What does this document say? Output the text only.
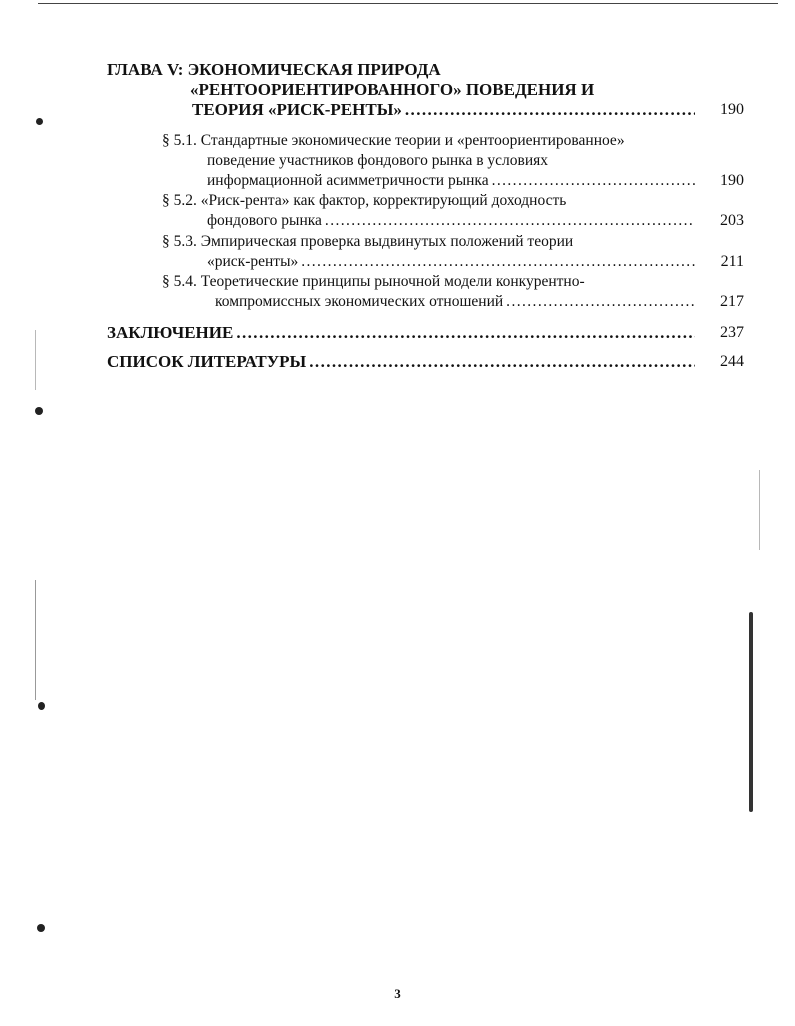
ГЛАВА V: ЭКОНОМИЧЕСКАЯ ПРИРОДА
«РЕНТООРИЕНТИРОВАННОГО» ПОВЕДЕНИЯ И
ТЕОРИЯ «РИСК-РЕНТЫ» .....	190
§ 5.1. Стандартные экономические теории и «рентоориентированное»
поведение участников фондового рынка в условиях
информационной асимметричности рынка .....	190
§ 5.2. «Риск-рента» как фактор, корректирующий доходность
фондового рынка .....	203
§ 5.3. Эмпирическая проверка выдвинутых положений теории
«риск-ренты» .....	211
§ 5.4. Теоретические принципы рыночной модели конкурентно-
компромиссных экономических отношений .....	217
ЗАКЛЮЧЕНИЕ .....	237
СПИСОК ЛИТЕРАТУРЫ .....	244
3
